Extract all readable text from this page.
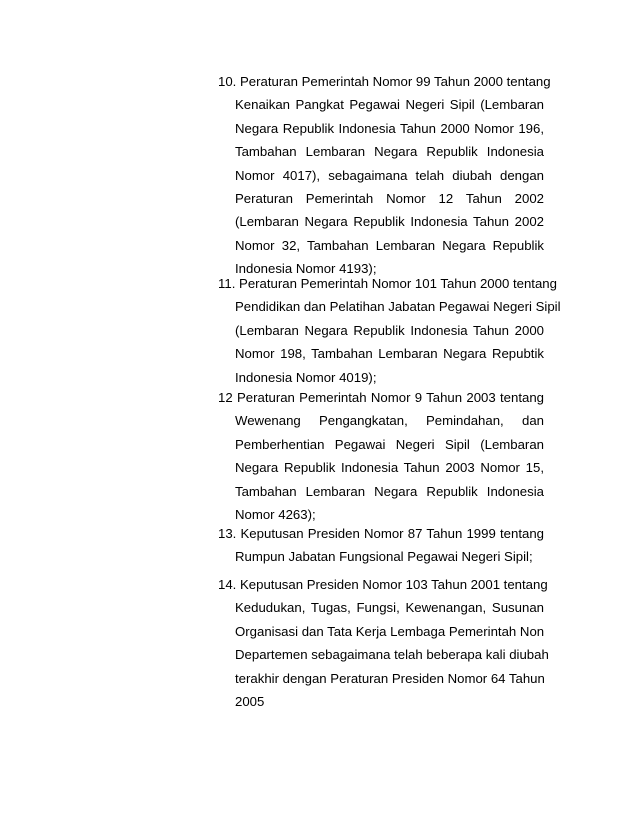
10. Peraturan Pemerintah Nomor 99 Tahun 2000 tentang
Kenaikan Pangkat Pegawai Negeri Sipil (Lembaran
Negara Republik Indonesia Tahun 2000 Nomor 196,
Tambahan Lembaran Negara Republik Indonesia
Nomor 4017), sebagaimana telah diubah dengan
Peraturan Pemerintah Nomor 12 Tahun 2002
(Lembaran Negara Republik Indonesia Tahun 2002
Nomor 32, Tambahan Lembaran Negara Republik
Indonesia Nomor 4193);
11. Peraturan Pemerintah Nomor 101 Tahun 2000 tentang
Pendidikan dan Pelatihan Jabatan Pegawai Negeri Sipil
(Lembaran Negara Republik Indonesia Tahun 2000
Nomor 198, Tambahan Lembaran Negara Repubtik
Indonesia Nomor 4019);
12 Peraturan Pemerintah Nomor 9 Tahun 2003 tentang
Wewenang Pengangkatan, Pemindahan, dan
Pemberhentian Pegawai Negeri Sipil (Lembaran
Negara Republik Indonesia Tahun 2003 Nomor 15,
Tambahan Lembaran Negara Republik Indonesia
Nomor 4263);
13. Keputusan Presiden Nomor 87 Tahun 1999 tentang
Rumpun Jabatan Fungsional Pegawai Negeri Sipil;
14. Keputusan Presiden Nomor 103 Tahun 2001 tentang
Kedudukan, Tugas, Fungsi, Kewenangan, Susunan
Organisasi dan Tata Kerja Lembaga Pemerintah Non
Departemen sebagaimana telah beberapa kali diubah
terakhir dengan Peraturan Presiden Nomor 64 Tahun
2005
